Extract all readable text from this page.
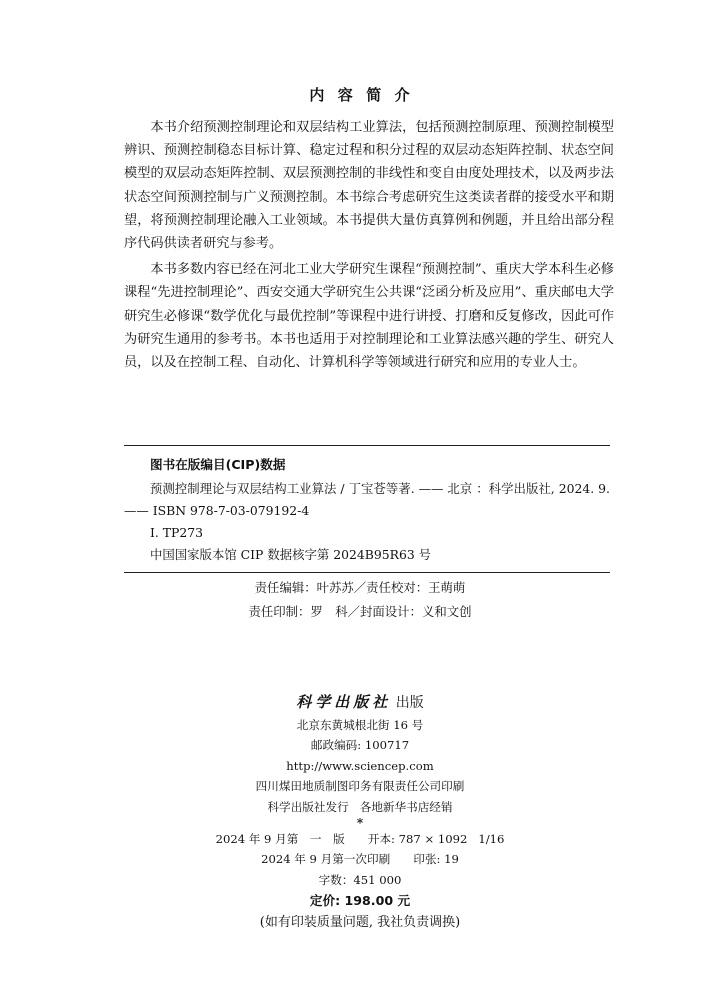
内  容  简  介

本书介绍预测控制理论和双层结构工业算法，包括预测控制原理、预测控制模型辨识、预测控制稳态目标计算、稳定过程和积分过程的双层动态矩阵控制、状态空间模型的双层动态矩阵控制、双层预测控制的非线性和变自由度处理技术，以及两步法状态空间预测控制与广义预测控制。本书综合考虑研究生这类读者群的接受水平和期望，将预测控制理论融入工业领域。本书提供大量仿真算例和例题，并且给出部分程序代码供读者研究与参考。

本书多数内容已经在河北工业大学研究生课程“预测控制”、重庆大学本科生必修课程“先进控制理论”、西安交通大学研究生公共课“泛函分析及应用”、重庆邮电大学研究生必修课“数学优化与最优控制”等课程中进行讲授、打磨和反复修改，因此可作为研究生通用的参考书。本书也适用于对控制理论和工业算法感兴趣的学生、研究人员，以及在控制工程、自动化、计算机科学等领域进行研究和应用的专业人士。

图书在版编目(CIP)数据
预测控制理论与双层结构工业算法 / 丁宝苍等著. —— 北京 ：科学出版社, 2024. 9. —— ISBN 978-7-03-079192-4
Ⅰ. TP273
中国国家版本馆 CIP 数据核字第 2024B95R63 号
责任编辑：叶苏苏／责任校对：王萌萌
责任印制：罗　科／封面设计：义和文创
科学出版社 出版
北京东黄城根北街 16 号
邮政编码: 100717
http://www.sciencep.com
四川煤田地质制图印务有限责任公司印刷
科学出版社发行   各地新华书店经销
*
2024 年 9 月第　一　版　　开本: 787 × 1092   1/16
2024 年 9 月第一次印刷　　印张: 19
字数：451 000
定价: 198.00 元
(如有印装质量问题, 我社负责调换)
